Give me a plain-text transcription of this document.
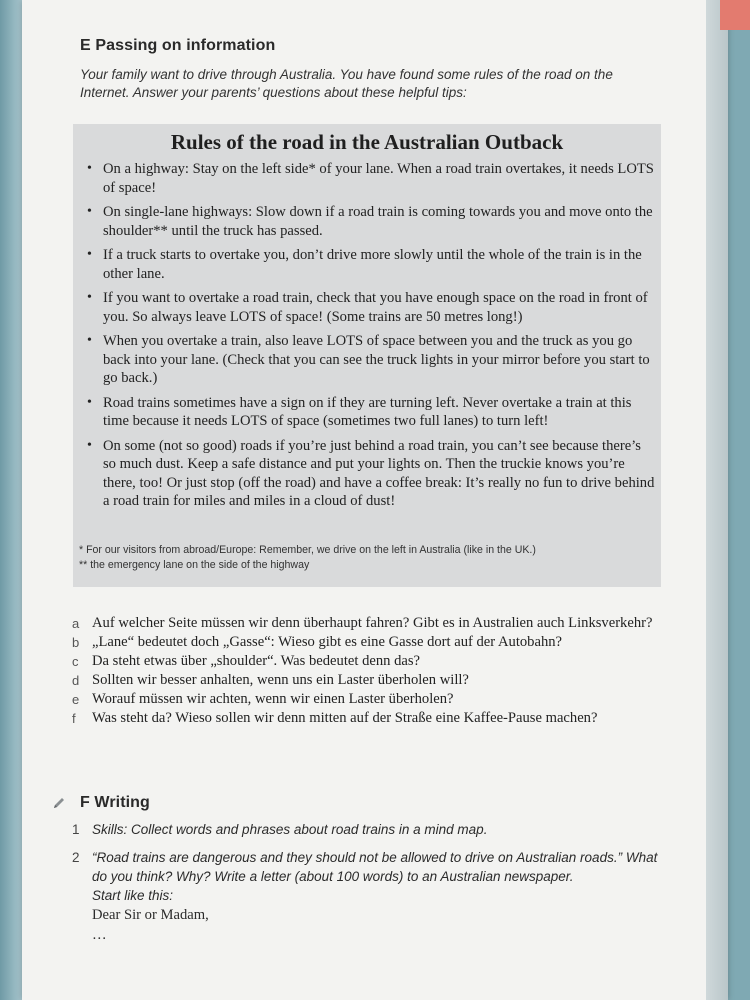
E Passing on information
Your family want to drive through Australia. You have found some rules of the road on the Internet. Answer your parents’ questions about these helpful tips:
Rules of the road in the Australian Outback
• On a highway: Stay on the left side* of your lane. When a road train overtakes, it needs LOTS of space!
• On single-lane highways: Slow down if a road train is coming towards you and move onto the shoulder** until the truck has passed.
• If a truck starts to overtake you, don’t drive more slowly until the whole of the train is in the other lane.
• If you want to overtake a road train, check that you have enough space on the road in front of you. So always leave LOTS of space! (Some trains are 50 metres long!)
• When you overtake a train, also leave LOTS of space between you and the truck as you go back into your lane. (Check that you can see the truck lights in your mirror before you start to go back.)
• Road trains sometimes have a sign on if they are turning left. Never overtake a train at this time because it needs LOTS of space (sometimes two full lanes) to turn left!
• On some (not so good) roads if you’re just behind a road train, you can’t see because there’s so much dust. Keep a safe distance and put your lights on. Then the truckie knows you’re there, too! Or just stop (off the road) and have a coffee break: It’s really no fun to drive behind a road train for miles and miles in a cloud of dust!
* For our visitors from abroad/Europe: Remember, we drive on the left in Australia (like in the UK.)
** the emergency lane on the side of the highway
a Auf welcher Seite müssen wir denn überhaupt fahren? Gibt es in Australien auch Linksverkehr?
b „Lane“ bedeutet doch „Gasse“: Wieso gibt es eine Gasse dort auf der Autobahn?
c Da steht etwas über „shoulder“. Was bedeutet denn das?
d Sollten wir besser anhalten, wenn uns ein Laster überholen will?
e Worauf müssen wir achten, wenn wir einen Laster überholen?
f Was steht da? Wieso sollen wir denn mitten auf der Straße eine Kaffee-Pause machen?
F Writing
1 Skills: Collect words and phrases about road trains in a mind map.
2 “Road trains are dangerous and they should not be allowed to drive on Australian roads.” What do you think? Why? Write a letter (about 100 words) to an Australian newspaper.
Start like this:
Dear Sir or Madam,
…
